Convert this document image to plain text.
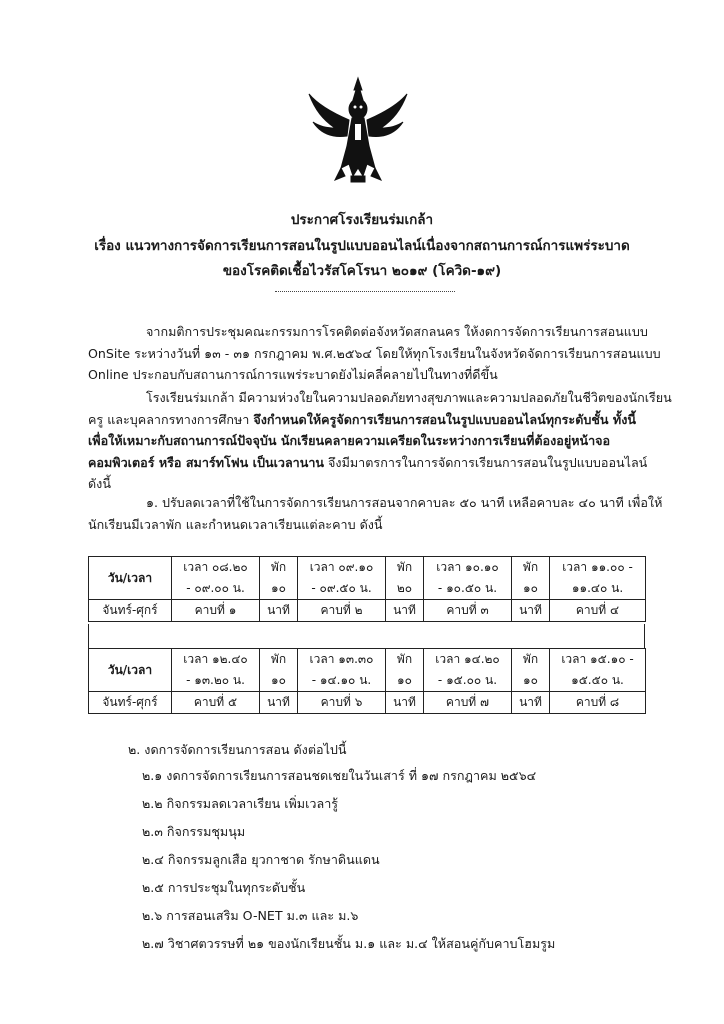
ประกาศโรงเรียนร่มเกล้า
เรื่อง แนวทางการจัดการเรียนการสอนในรูปแบบออนไลน์เนื่องจากสถานการณ์การแพร่ระบาด
ของโรคติดเชื้อไวรัสโคโรนา ๒๐๑๙ (โควิด-๑๙)
จากมติการประชุมคณะกรรมการโรคติดต่อจังหวัดสกลนคร ให้งดการจัดการเรียนการสอนแบบ
OnSite ระหว่างวันที่ ๑๓ - ๓๑ กรกฎาคม พ.ศ.๒๕๖๔ โดยให้ทุกโรงเรียนในจังหวัดจัดการเรียนการสอนแบบ
Online ประกอบกับสถานการณ์การแพร่ระบาดยังไม่คลี่คลายไปในทางที่ดีขึ้น
โรงเรียนร่มเกล้า มีความห่วงใยในความปลอดภัยทางสุขภาพและความปลอดภัยในชีวิตของนักเรียน
ครู และบุคลากรทางการศึกษา จึงกำหนดให้ครูจัดการเรียนการสอนในรูปแบบออนไลน์ทุกระดับชั้น ทั้งนี้
เพื่อให้เหมาะกับสถานการณ์ปัจจุบัน นักเรียนคลายความเครียดในระหว่างการเรียนที่ต้องอยู่หน้าจอ
คอมพิวเตอร์ หรือ สมาร์ทโฟน เป็นเวลานาน จึงมีมาตรการในการจัดการเรียนการสอนในรูปแบบออนไลน์
ดังนี้
๑. ปรับลดเวลาที่ใช้ในการจัดการเรียนการสอนจากคาบละ ๕๐ นาที เหลือคาบละ ๔๐ นาที เพื่อให้
นักเรียนมีเวลาพัก และกำหนดเวลาเรียนแต่ละคาบ ดังนี้
วัน/เวลา	เวลา ๐๘.๒๐	พัก	เวลา ๐๙.๑๐	พัก	เวลา ๑๐.๑๐	พัก	เวลา ๑๑.๐๐ -
	- ๐๙.๐๐ น.	๑๐	- ๐๙.๕๐ น.	๒๐	- ๑๐.๕๐ น.	๑๐	๑๑.๔๐ น.
จันทร์-ศุกร์	คาบที่ ๑	นาที	คาบที่ ๒	นาที	คาบที่ ๓	นาที	คาบที่ ๔
วัน/เวลา	เวลา ๑๒.๔๐	พัก	เวลา ๑๓.๓๐	พัก	เวลา ๑๔.๒๐	พัก	เวลา ๑๕.๑๐ -
	- ๑๓.๒๐ น.	๑๐	- ๑๔.๑๐ น.	๑๐	- ๑๕.๐๐ น.	๑๐	๑๕.๕๐ น.
จันทร์-ศุกร์	คาบที่ ๕	นาที	คาบที่ ๖	นาที	คาบที่ ๗	นาที	คาบที่ ๘
๒. งดการจัดการเรียนการสอน ดังต่อไปนี้
๒.๑ งดการจัดการเรียนการสอนชดเชยในวันเสาร์ ที่ ๑๗ กรกฎาคม ๒๕๖๔
๒.๒ กิจกรรมลดเวลาเรียน เพิ่มเวลารู้
๒.๓ กิจกรรมชุมนุม
๒.๔ กิจกรรมลูกเสือ ยุวกาชาด รักษาดินแดน
๒.๕ การประชุมในทุกระดับชั้น
๒.๖ การสอนเสริม O-NET ม.๓ และ ม.๖
๒.๗ วิชาศตวรรษที่ ๒๑ ของนักเรียนชั้น ม.๑ และ ม.๔ ให้สอนคู่กับคาบโฮมรูม
